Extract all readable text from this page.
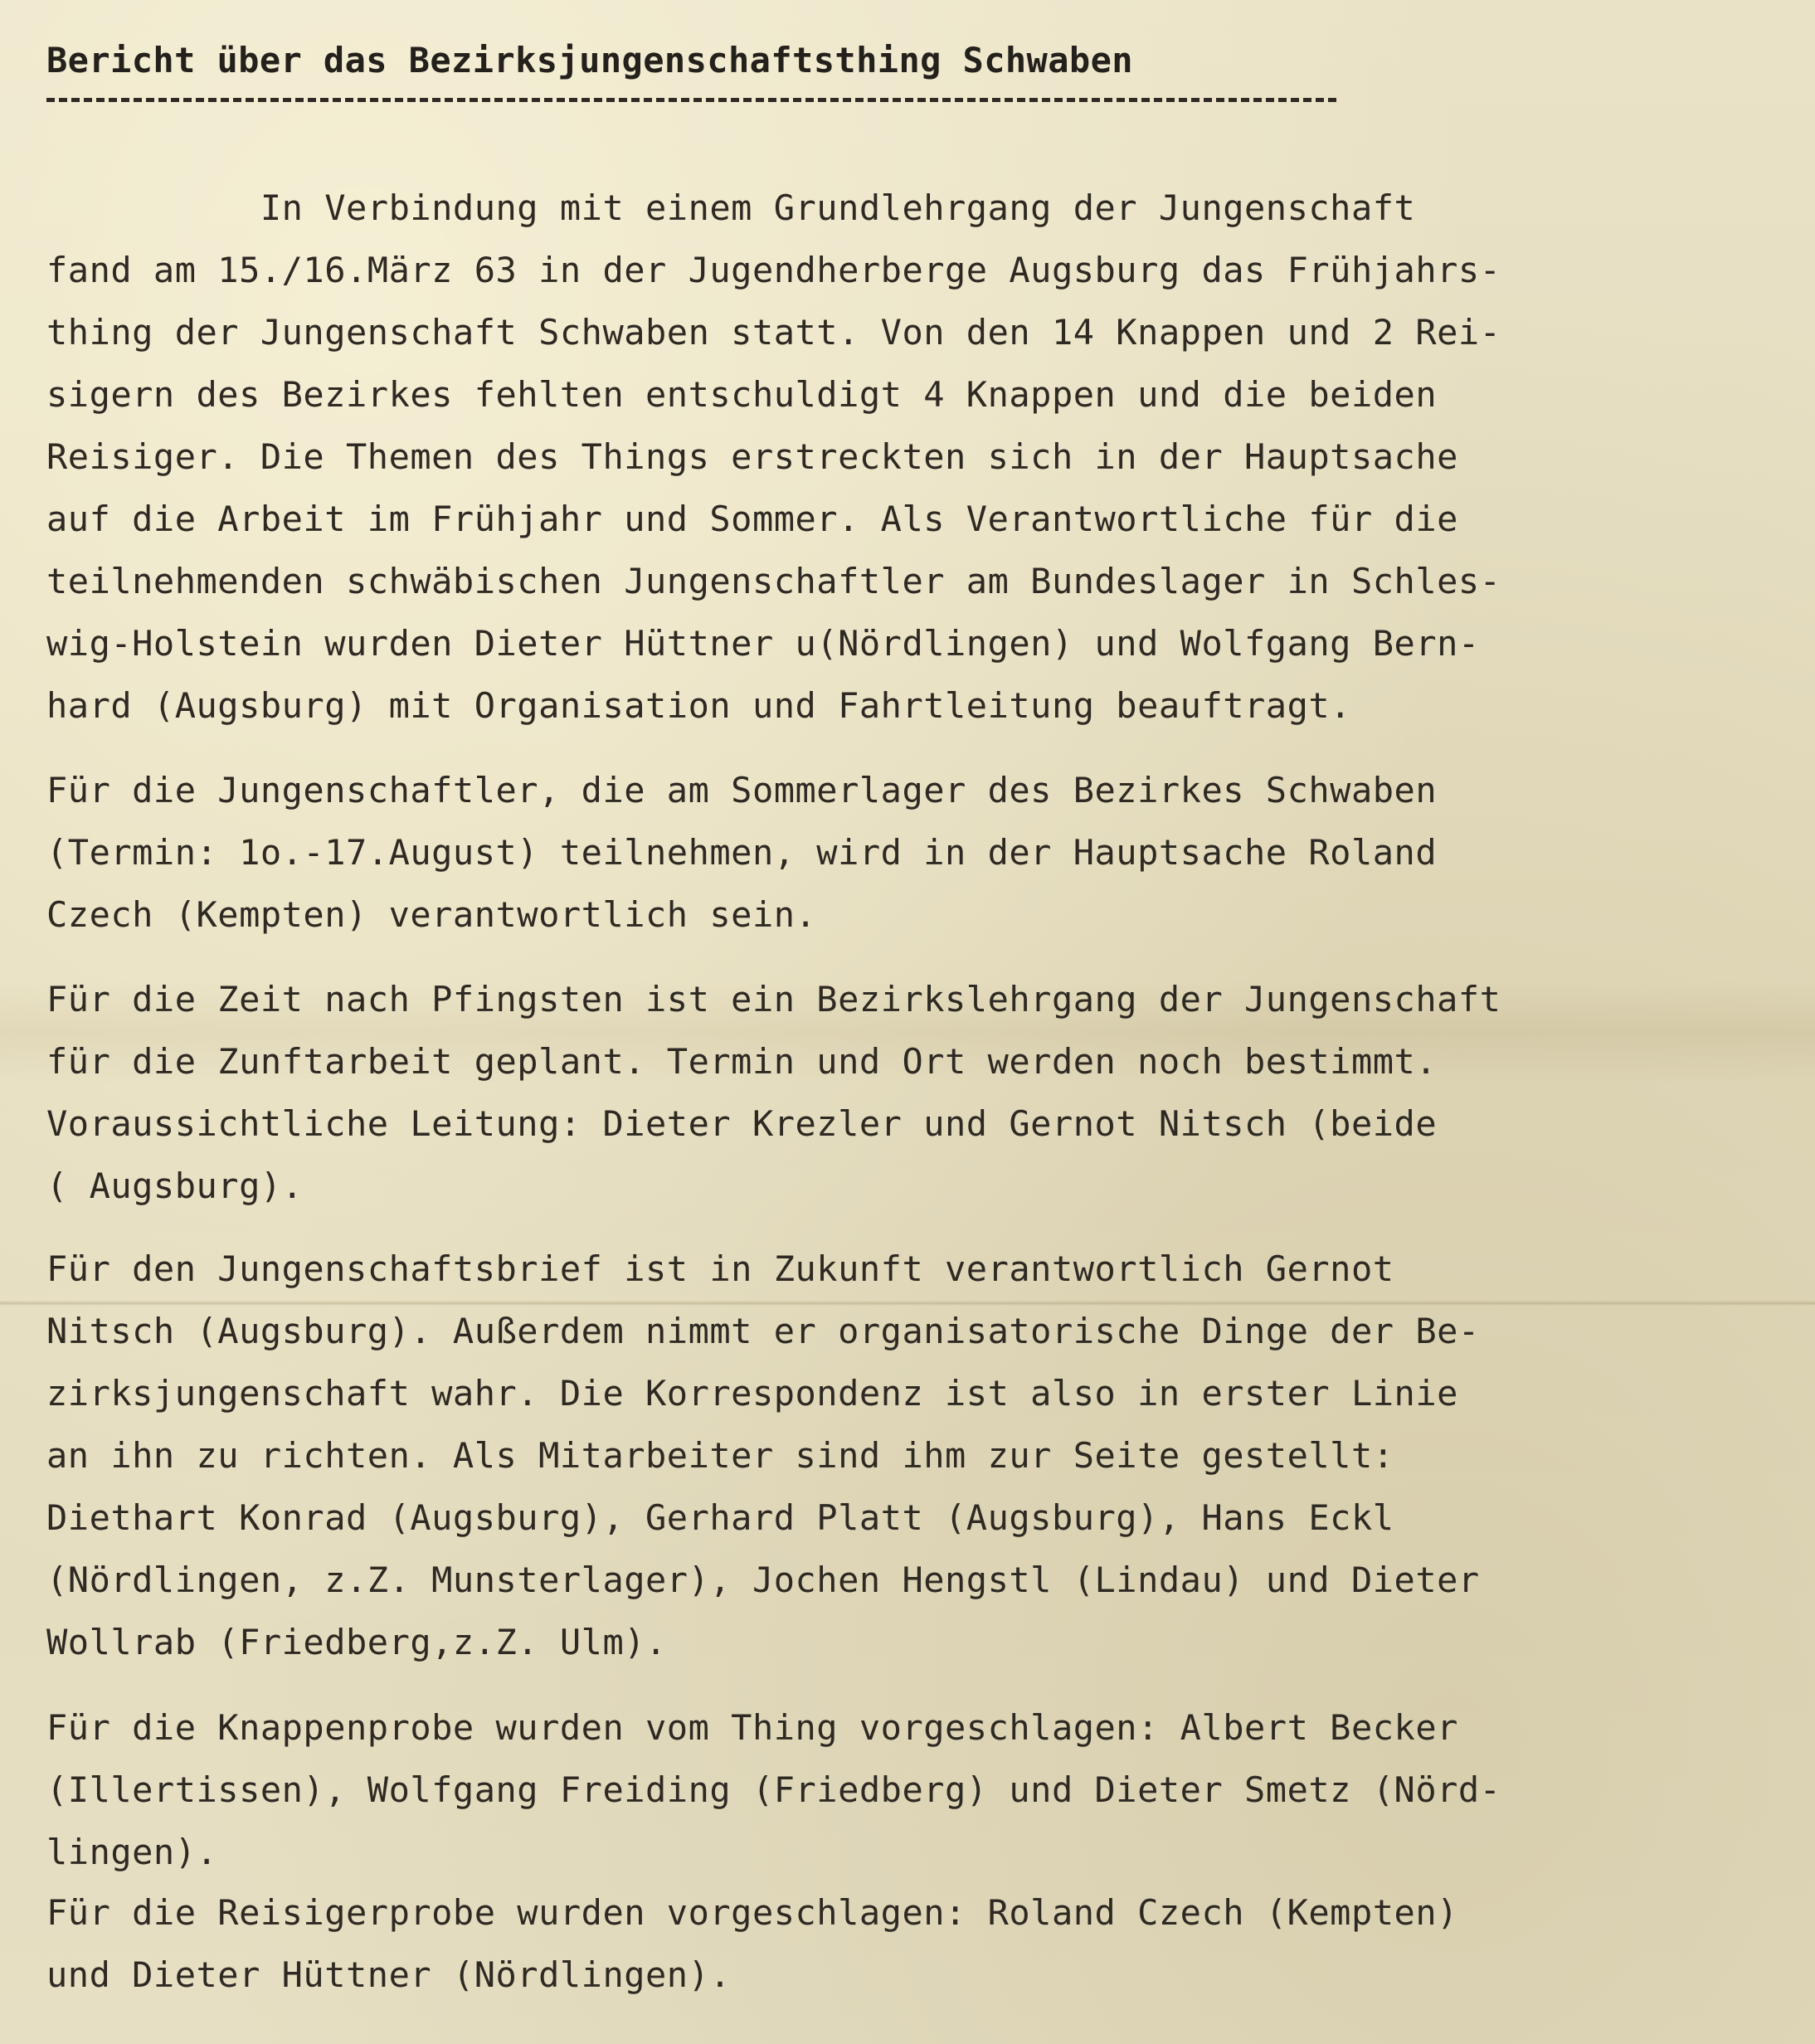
Bericht über das Bezirksjungenschaftsthing Schwaben

In Verbindung mit einem Grundlehrgang der Jungenschaft
fand am 15./16.März 63 in der Jugendherberge Augsburg das Frühjahrs-
thing der Jungenschaft Schwaben statt. Von den 14 Knappen und 2 Rei-
sigern des Bezirkes fehlten entschuldigt 4 Knappen und die beiden
Reisiger. Die Themen des Things erstreckten sich in der Hauptsache
auf die Arbeit im Frühjahr und Sommer. Als Verantwortliche für die
teilnehmenden schwäbischen Jungenschaftler am Bundeslager in Schles-
wig-Holstein wurden Dieter Hüttner u(Nördlingen) und Wolfgang Bern-
hard (Augsburg) mit Organisation und Fahrtleitung beauftragt.

Für die Jungenschaftler, die am Sommerlager des Bezirkes Schwaben
(Termin: 1o.-17.August) teilnehmen, wird in der Hauptsache Roland
Czech (Kempten) verantwortlich sein.

Für die Zeit nach Pfingsten ist ein Bezirkslehrgang der Jungenschaft
für die Zunftarbeit geplant. Termin und Ort werden noch bestimmt.
Voraussichtliche Leitung: Dieter Krezler und Gernot Nitsch (beide
( Augsburg).

Für den Jungenschaftsbrief ist in Zukunft verantwortlich Gernot
Nitsch (Augsburg). Außerdem nimmt er organisatorische Dinge der Be-
zirksjungenschaft wahr. Die Korrespondenz ist also in erster Linie
an ihn zu richten. Als Mitarbeiter sind ihm zur Seite gestellt:
Diethart Konrad (Augsburg), Gerhard Platt (Augsburg), Hans Eckl
(Nördlingen, z.Z. Munsterlager), Jochen Hengstl (Lindau) und Dieter
Wollrab (Friedberg,z.Z. Ulm).

Für die Knappenprobe wurden vom Thing vorgeschlagen: Albert Becker
(Illertissen), Wolfgang Freiding (Friedberg) und Dieter Smetz (Nörd-
lingen).

Für die Reisigerprobe wurden vorgeschlagen: Roland Czech (Kempten)
und Dieter Hüttner (Nördlingen).
